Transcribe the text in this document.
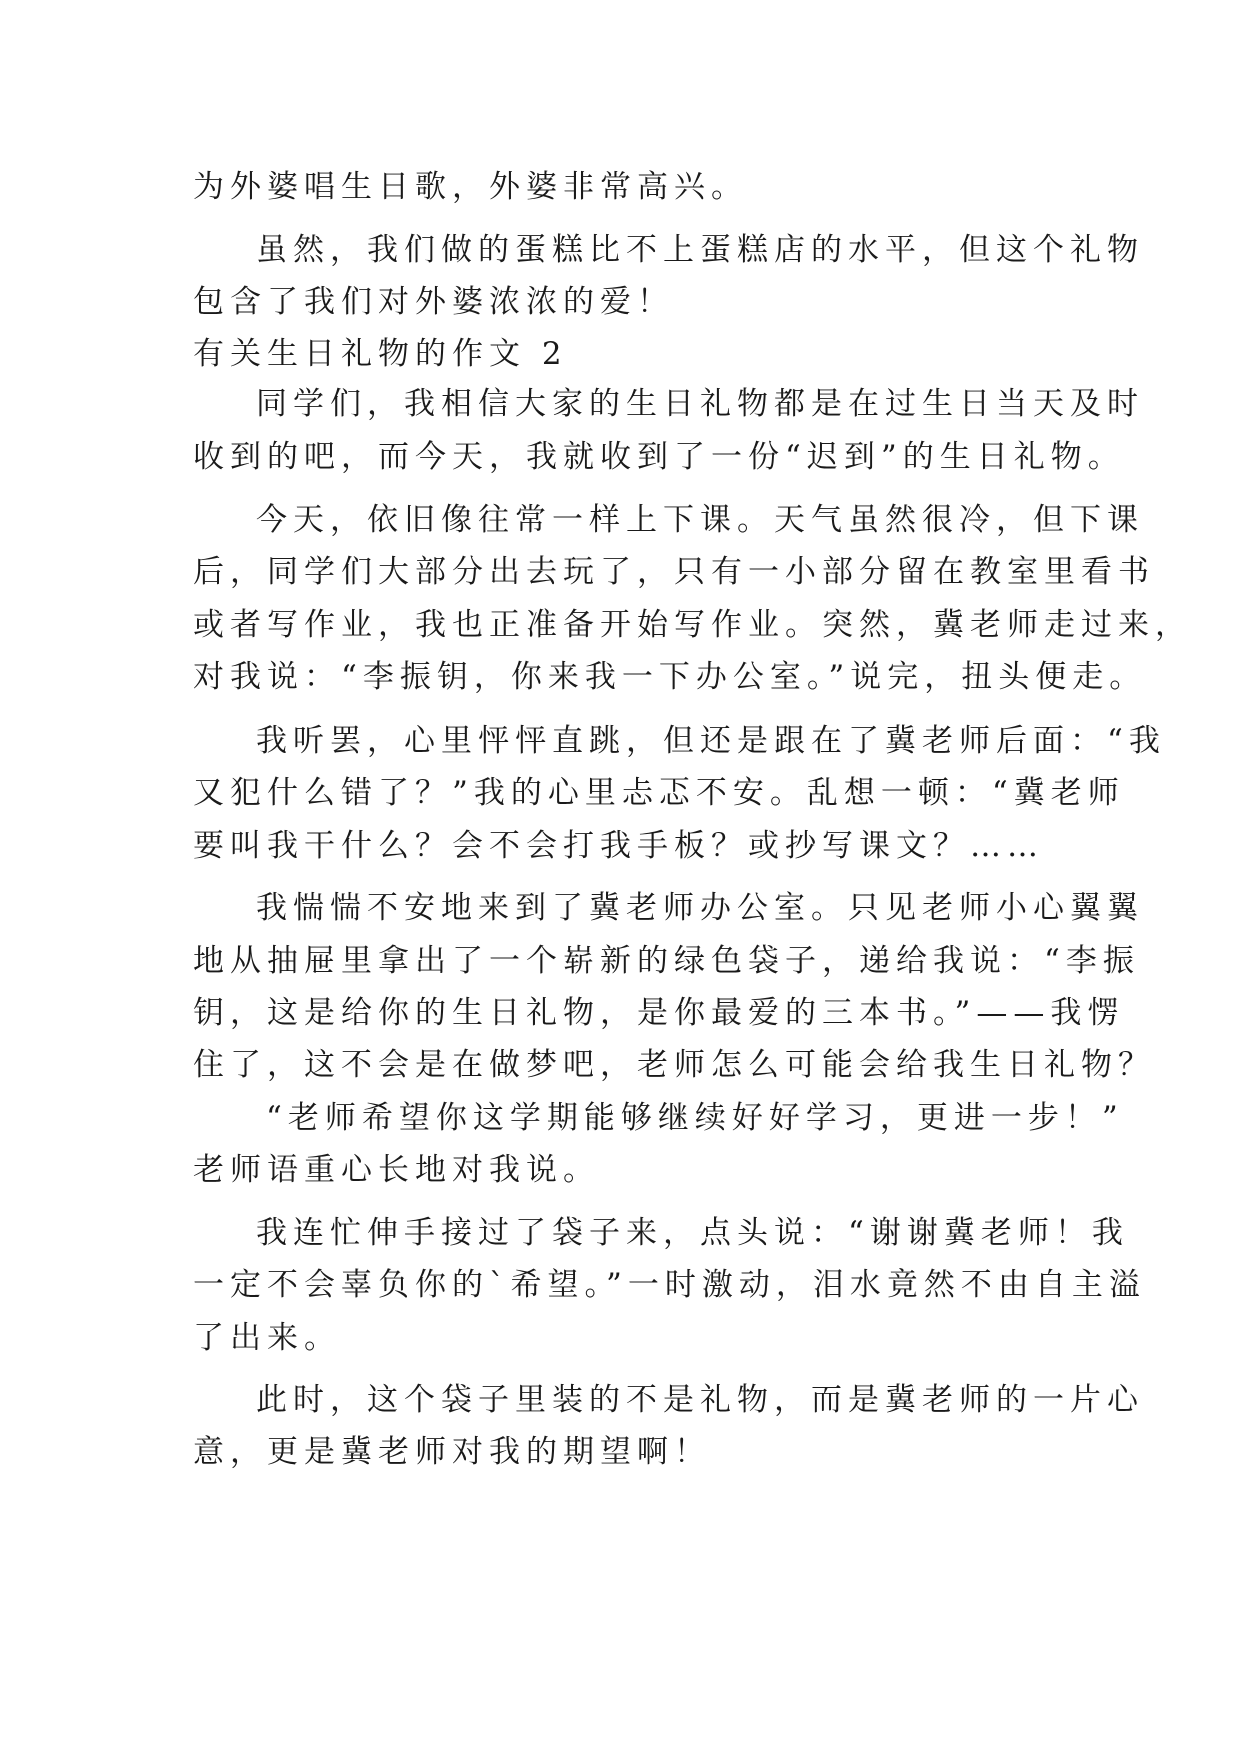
为外婆唱生日歌，外婆非常高兴。

虽然，我们做的蛋糕比不上蛋糕店的水平，但这个礼物

包含了我们对外婆浓浓的爱！

有关生日礼物的作文 2

同学们，我相信大家的生日礼物都是在过生日当天及时

收到的吧，而今天，我就收到了一份“迟到”的生日礼物。

今天，依旧像往常一样上下课。天气虽然很冷，但下课

后，同学们大部分出去玩了，只有一小部分留在教室里看书

或者写作业，我也正准备开始写作业。突然，冀老师走过来，

对我说：“李振钥，你来我一下办公室。”说完，扭头便走。

我听罢，心里怦怦直跳，但还是跟在了冀老师后面：“我

又犯什么错了？”我的心里忐忑不安。乱想一顿：“冀老师

要叫我干什么？会不会打我手板？或抄写课文？……

我惴惴不安地来到了冀老师办公室。只见老师小心翼翼

地从抽屉里拿出了一个崭新的绿色袋子，递给我说：“李振

钥，这是给你的生日礼物，是你最爱的三本书。”——我愣

住了，这不会是在做梦吧，老师怎么可能会给我生日礼物？

“老师希望你这学期能够继续好好学习，更进一步！”

老师语重心长地对我说。

我连忙伸手接过了袋子来，点头说：“谢谢冀老师！我

一定不会辜负你的`希望。”一时激动，泪水竟然不由自主溢

了出来。

此时，这个袋子里装的不是礼物，而是冀老师的一片心

意，更是冀老师对我的期望啊！
